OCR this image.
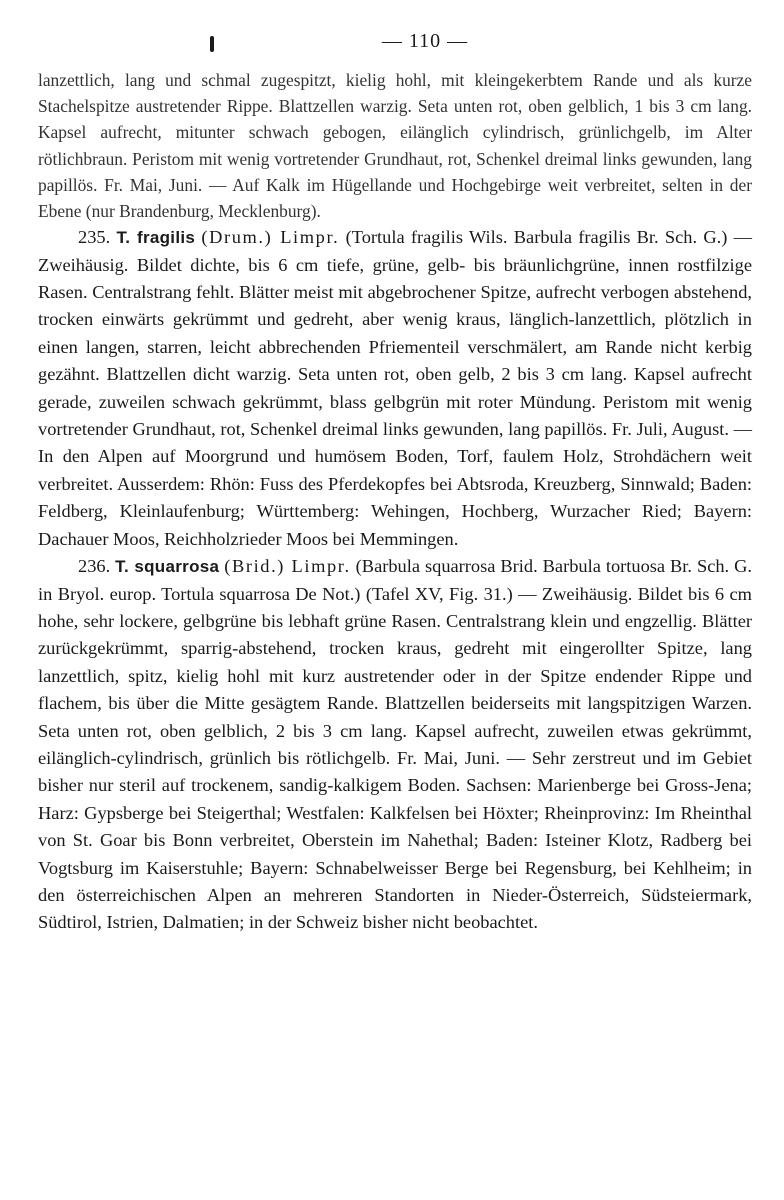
— 110 —

lanzettlich, lang und schmal zugespitzt, kielig hohl, mit kleingekerbtem Rande und als kurze Stachelspitze austretender Rippe. Blattzellen warzig. Seta unten rot, oben gelblich, 1 bis 3 cm lang. Kapsel aufrecht, mitunter schwach gebogen, eilänglich cylindrisch, grünlichgelb, im Alter rötlichbraun. Peristom mit wenig vortretender Grundhaut, rot, Schenkel dreimal links gewunden, lang papillös. Fr. Mai, Juni. — Auf Kalk im Hügellande und Hochgebirge weit verbreitet, selten in der Ebene (nur Brandenburg, Mecklenburg).

235. T. fragilis (Drum.) Limpr. (Tortula fragilis Wils. Barbula fragilis Br. Sch. G.) — Zweihäusig. Bildet dichte, bis 6 cm tiefe, grüne, gelb- bis bräunlichgrüne, innen rostfilzige Rasen. Centralstrang fehlt. Blätter meist mit abgebrochener Spitze, aufrecht verbogen abstehend, trocken einwärts gekrümmt und gedreht, aber wenig kraus, länglich-lanzettlich, plötzlich in einen langen, starren, leicht abbrechenden Pfriementeil verschmälert, am Rande nicht kerbig gezähnt. Blattzellen dicht warzig. Seta unten rot, oben gelb, 2 bis 3 cm lang. Kapsel aufrecht gerade, zuweilen schwach gekrümmt, blass gelbgrün mit roter Mündung. Peristom mit wenig vortretender Grundhaut, rot, Schenkel dreimal links gewunden, lang papillös. Fr. Juli, August. — In den Alpen auf Moorgrund und humösem Boden, Torf, faulem Holz, Strohdächern weit verbreitet. Ausserdem: Rhön: Fuss des Pferdekopfes bei Abtsroda, Kreuzberg, Sinnwald; Baden: Feldberg, Kleinlaufenburg; Württemberg: Wehingen, Hochberg, Wurzacher Ried; Bayern: Dachauer Moos, Reichholzrieder Moos bei Memmingen.

236. T. squarrosa (Brid.) Limpr. (Barbula squarrosa Brid. Barbula tortuosa Br. Sch. G. in Bryol. europ. Tortula squarrosa De Not.) (Tafel XV, Fig. 31.) — Zweihäusig. Bildet bis 6 cm hohe, sehr lockere, gelbgrüne bis lebhaft grüne Rasen. Centralstrang klein und engzellig. Blätter zurückgekrümmt, sparrig-abstehend, trocken kraus, gedreht mit eingerollter Spitze, lang lanzettlich, spitz, kielig hohl mit kurz austretender oder in der Spitze endender Rippe und flachem, bis über die Mitte gesägtem Rande. Blattzellen beiderseits mit langspitzigen Warzen. Seta unten rot, oben gelblich, 2 bis 3 cm lang. Kapsel aufrecht, zuweilen etwas gekrümmt, eilänglich-cylindrisch, grünlich bis rötlichgelb. Fr. Mai, Juni. — Sehr zerstreut und im Gebiet bisher nur steril auf trockenem, sandig-kalkigem Boden. Sachsen: Marienberge bei Gross-Jena; Harz: Gypsberge bei Steigerthal; Westfalen: Kalkfelsen bei Höxter; Rheinprovinz: Im Rheinthal von St. Goar bis Bonn verbreitet, Oberstein im Nahethal; Baden: Isteiner Klotz, Radberg bei Vogtsburg im Kaiserstuhle; Bayern: Schnabelweisser Berge bei Regensburg, bei Kehlheim; in den österreichischen Alpen an mehreren Standorten in Nieder-Österreich, Südsteiermark, Südtirol, Istrien, Dalmatien; in der Schweiz bisher nicht beobachtet.
